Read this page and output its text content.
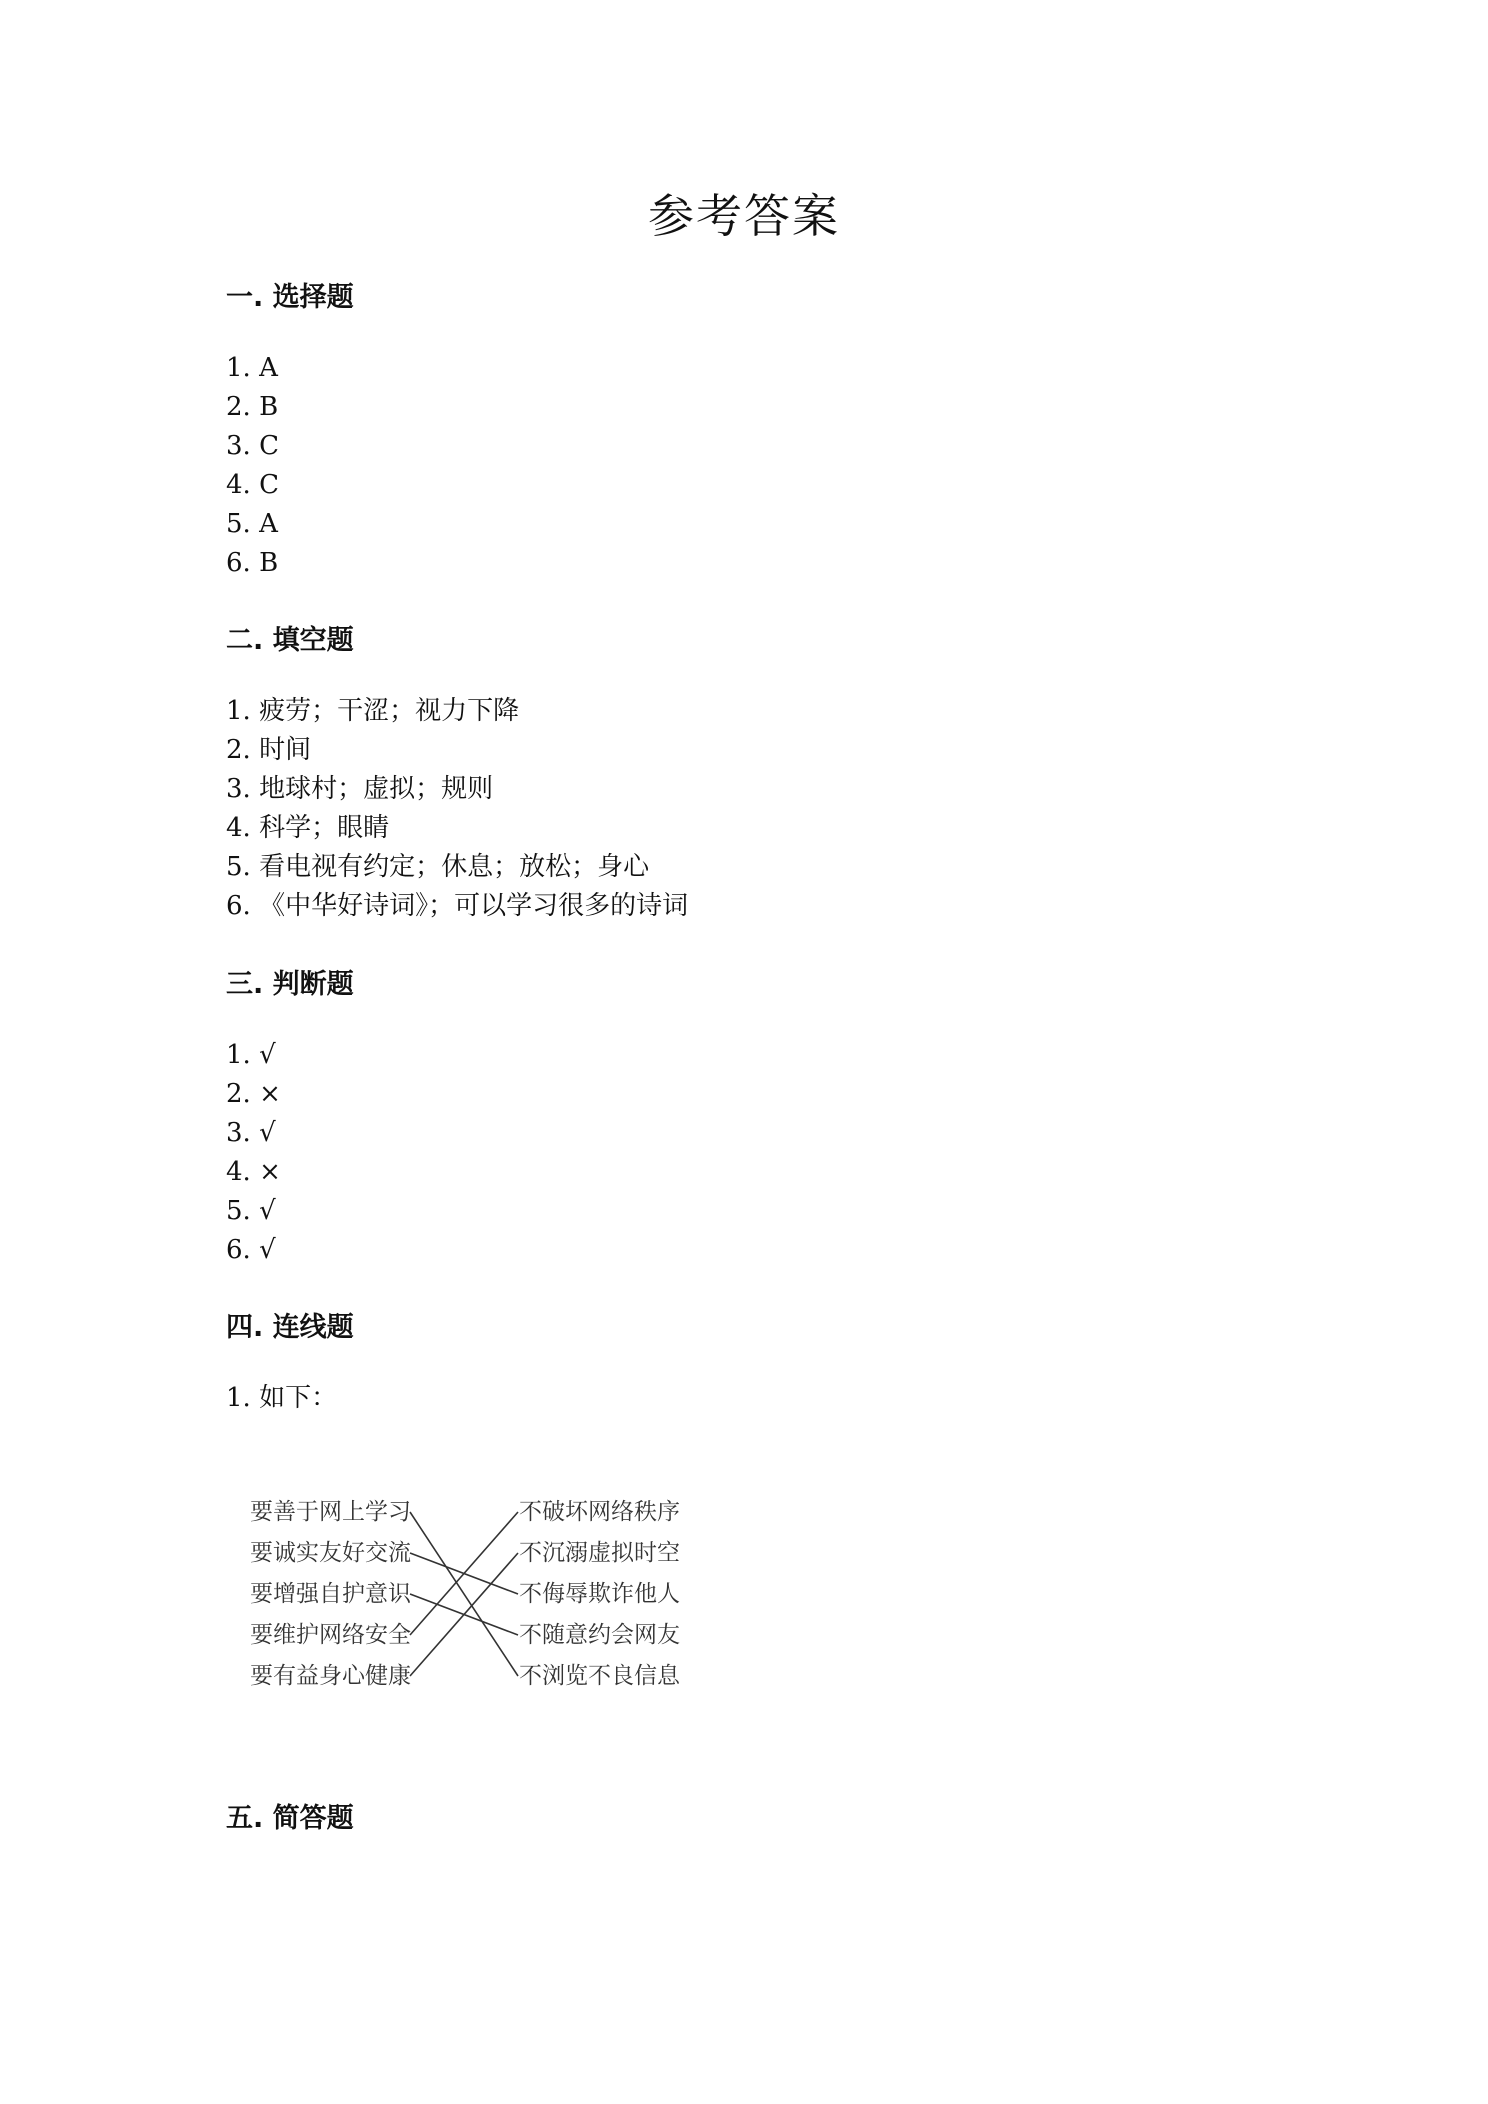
参考答案
一. 选择题
1. A
2. B
3. C
4. C
5. A
6. B
二. 填空题
1. 疲劳；干涩；视力下降
2. 时间
3. 地球村；虚拟；规则
4. 科学；眼睛
5. 看电视有约定；休息；放松；身心
6. 《中华好诗词》；可以学习很多的诗词
三. 判断题
1. √
2. ×
3. √
4. ×
5. √
6. √
四. 连线题
1. 如下：
要善于网上学习
要诚实友好交流
要增强自护意识
要维护网络安全
要有益身心健康
不破坏网络秩序
不沉溺虚拟时空
不侮辱欺诈他人
不随意约会网友
不浏览不良信息
五. 简答题
